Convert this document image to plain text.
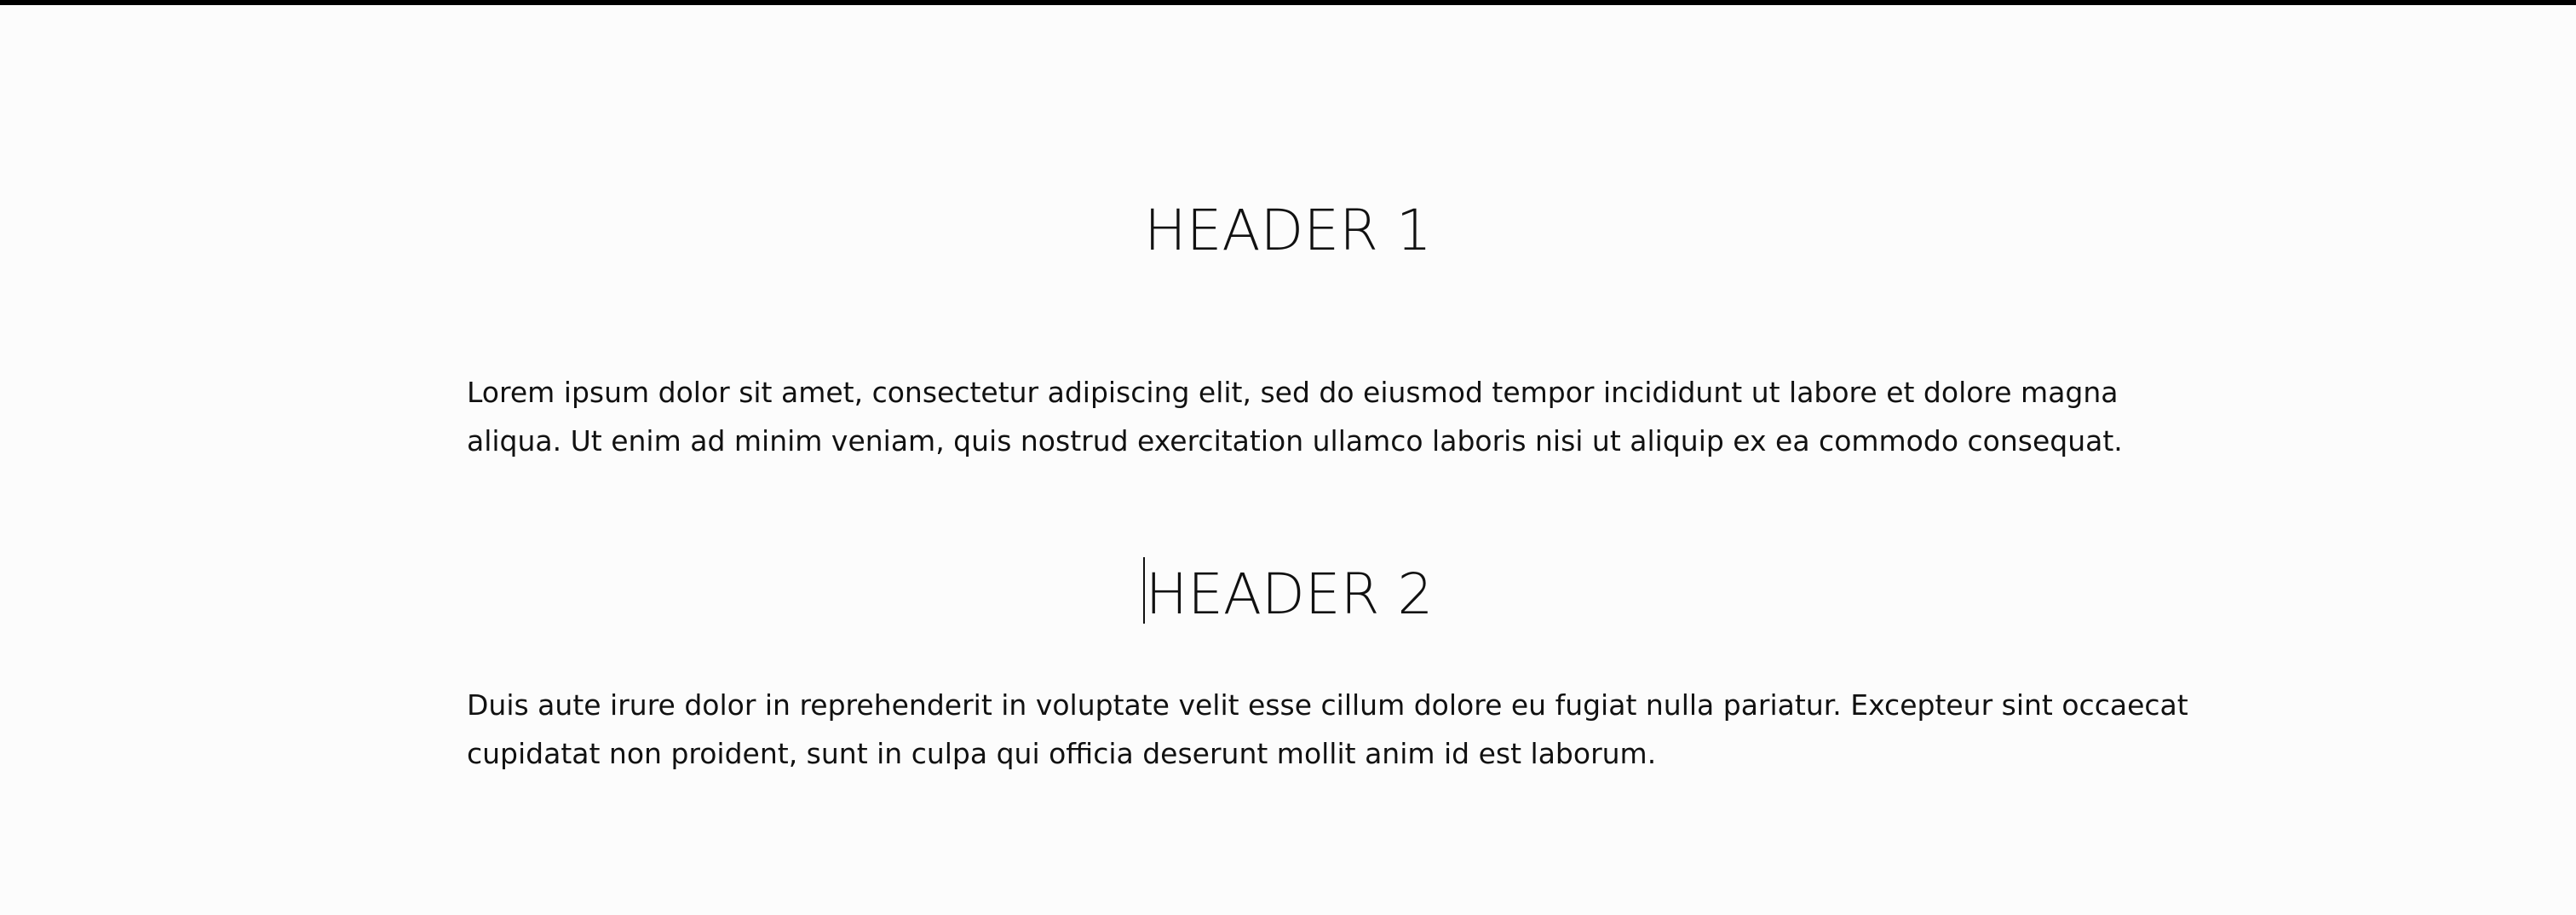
HEADER 1

Lorem ipsum dolor sit amet, consectetur adipiscing elit, sed do eiusmod tempor incididunt ut labore et dolore magna
aliqua. Ut enim ad minim veniam, quis nostrud exercitation ullamco laboris nisi ut aliquip ex ea commodo consequat.

HEADER 2

Duis aute irure dolor in reprehenderit in voluptate velit esse cillum dolore eu fugiat nulla pariatur. Excepteur sint occaecat
cupidatat non proident, sunt in culpa qui officia deserunt mollit anim id est laborum.
